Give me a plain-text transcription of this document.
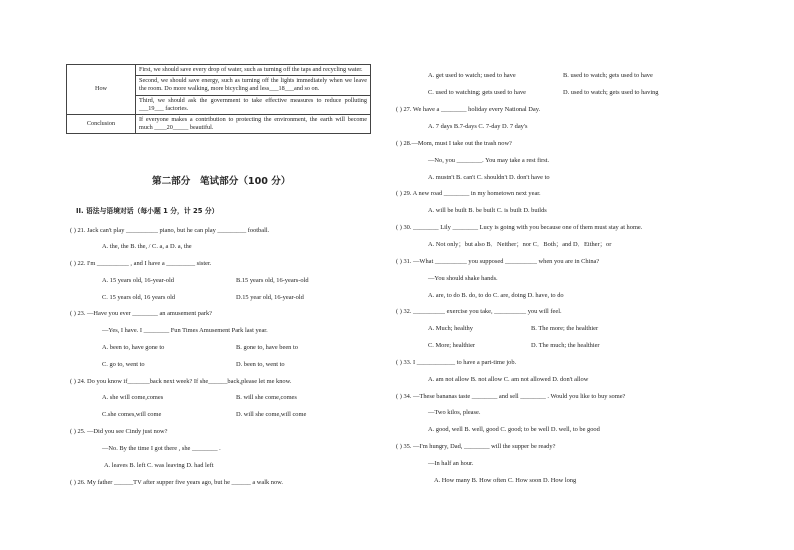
How	First, we should save every drop of water, such as turning off the taps and recycling water.
	Second, we should save energy, such as turning off the lights immediately when we leave the room. Do more walking, more bicycling and less___18___and so on.
	Third, we should ask the government to take effective measures to reduce polluting ___19___ factories.
Conclusion	If everyone makes a contribution to protecting the environment, the earth will become much ____20_____ beautiful.
第二部分　笔试部分（100 分）
II. 语法与语境对话（每小题 1 分，计 25 分）
( ) 21. Jack can't play __________ piano, but he can play _________ football.
A. the, the B. the, / C. a, a D. a, the
( ) 22. I'm __________ , and I have a _________ sister.
A. 15 years old, 16-year-old	B.15 years old, 16-years-old
C. 15 years old, 16 years old	D.15 year old, 16-year-old
( ) 23. —Have you ever ________ an amusement park?
—Yes, I have. I ________ Fun Times Amusement Park last year.
A. been to, have gone to	B. gone to, have been to
C. go to, went to	D. been to, went to
( ) 24. Do you know if_______back next week? If she______back,please let me know.
A. she will come,comes	B. will she come,comes
C.she comes,will come	D. will she come,will come
( ) 25. —Did you see Cindy just now?
—No. By the time I got there , she ________ .
A. leaves B. left C. was leaving D. had left
( ) 26. My father ______TV after supper five years ago, but he ______ a walk now.
A. get used to watch; used to have	B. used to watch; gets used to have
C. used to watching; gets used to have	D. used to watch; gets used to having
( ) 27. We have a ________ holiday every National Day.
A. 7 days B.7-days C. 7-day D. 7 day's
( ) 28.—Mom, must I take out the trash now?
—No, you ________. You may take a rest first.
A. mustn't B. can't C. shouldn't D. don't have to
( ) 29. A new road ________ in my hometown next year.
A. will be built B. be built C. is built D. builds
( ) 30. ________ Lily ________ Lucy is going with you because one of them must stay at home.
A. Not only；but also B．Neither；nor C．Both；and D．Either；or
( ) 31. —What __________ you supposed __________ when you are in China?
—You should shake hands.
A. are, to do B. do, to do C. are, doing D. have, to do
( ) 32. __________ exercise you take, __________ you will feel.
A. Much; healthy	B. The more; the healthier
C. More; healthier	D. The much; the healthier
( ) 33. I ____________ to have a part-time job.
A. am not allow B. not allow C. am not allowed D. don't allow
( ) 34. —These bananas taste ________ and sell ________ . Would you like to buy some?
—Two kilos, please.
A. good, well B. well, good C. good; to be well D. well, to be good
( ) 35. —I'm hungry, Dad, ________ will the supper be ready?
—In half an hour.
A. How many B. How often C. How soon D. How long
